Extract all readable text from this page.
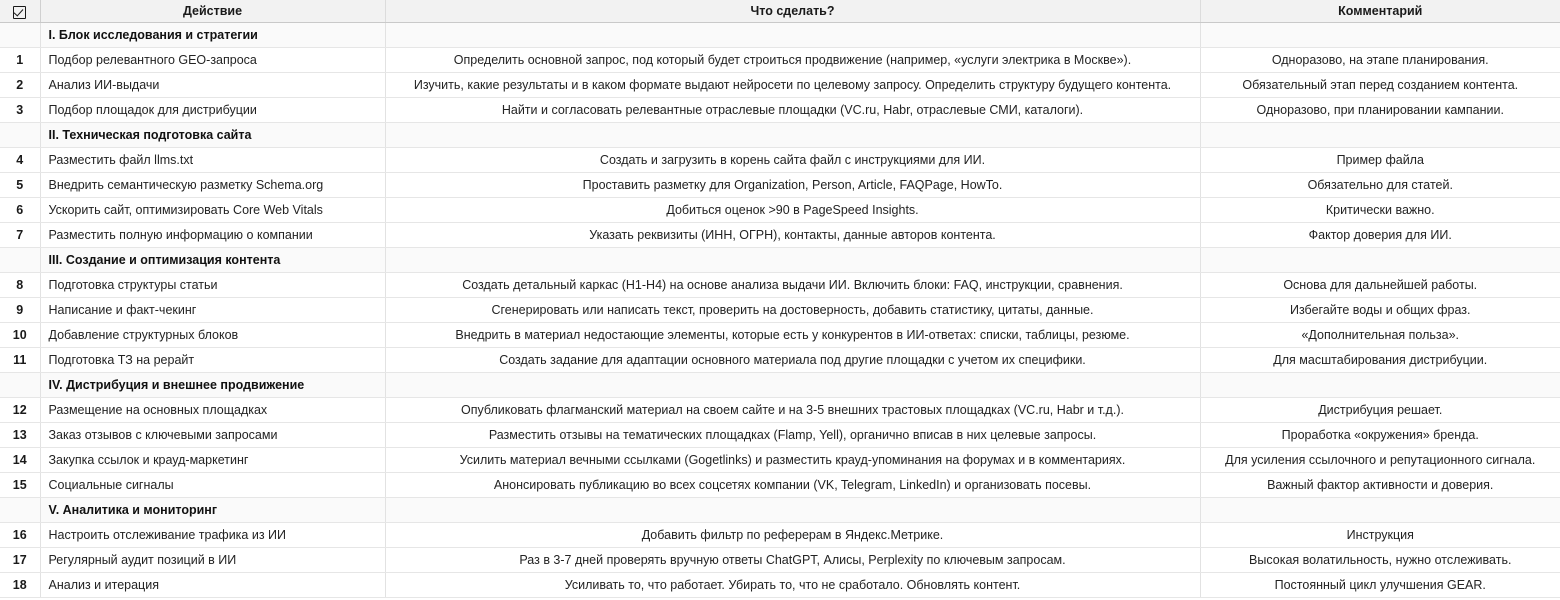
	Действие	Что сделать?	Комментарий
	I. Блок исследования и стратегии		
1	Подбор релевантного GEO-запроса	Определить основной запрос, под который будет строиться продвижение (например, «услуги электрика в Москве»).	Одноразово, на этапе планирования.
2	Анализ ИИ-выдачи	Изучить, какие результаты и в каком формате выдают нейросети по целевому запросу. Определить структуру будущего контента.	Обязательный этап перед созданием контента.
3	Подбор площадок для дистрибуции	Найти и согласовать релевантные отраслевые площадки (VC.ru, Habr, отраслевые СМИ, каталоги).	Одноразово, при планировании кампании.
	II. Техническая подготовка сайта		
4	Разместить файл llms.txt	Создать и загрузить в корень сайта файл с инструкциями для ИИ.	Пример файла
5	Внедрить семантическую разметку Schema.org	Проставить разметку для Organization, Person, Article, FAQPage, HowTo.	Обязательно для статей.
6	Ускорить сайт, оптимизировать Core Web Vitals	Добиться оценок >90 в PageSpeed Insights.	Критически важно.
7	Разместить полную информацию о компании	Указать реквизиты (ИНН, ОГРН), контакты, данные авторов контента.	Фактор доверия для ИИ.
	III. Создание и оптимизация контента		
8	Подготовка структуры статьи	Создать детальный каркас (H1-H4) на основе анализа выдачи ИИ. Включить блоки: FAQ, инструкции, сравнения.	Основа для дальнейшей работы.
9	Написание и факт-чекинг	Сгенерировать или написать текст, проверить на достоверность, добавить статистику, цитаты, данные.	Избегайте воды и общих фраз.
10	Добавление структурных блоков	Внедрить в материал недостающие элементы, которые есть у конкурентов в ИИ-ответах: списки, таблицы, резюме.	«Дополнительная польза».
11	Подготовка ТЗ на рерайт	Создать задание для адаптации основного материала под другие площадки с учетом их специфики.	Для масштабирования дистрибуции.
	IV. Дистрибуция и внешнее продвижение		
12	Размещение на основных площадках	Опубликовать флагманский материал на своем сайте и на 3-5 внешних трастовых площадках (VC.ru, Habr и т.д.).	Дистрибуция решает.
13	Заказ отзывов с ключевыми запросами	Разместить отзывы на тематических площадках (Flamp, Yell), органично вписав в них целевые запросы.	Проработка «окружения» бренда.
14	Закупка ссылок и крауд-маркетинг	Усилить материал вечными ссылками (Gogetlinks) и разместить крауд-упоминания на форумах и в комментариях.	Для усиления ссылочного и репутационного сигнала.
15	Социальные сигналы	Анонсировать публикацию во всех соцсетях компании (VK, Telegram, LinkedIn) и организовать посевы.	Важный фактор активности и доверия.
	V. Аналитика и мониторинг		
16	Настроить отслеживание трафика из ИИ	Добавить фильтр по реферерам в Яндекс.Метрике.	Инструкция
17	Регулярный аудит позиций в ИИ	Раз в 3-7 дней проверять вручную ответы ChatGPT, Алисы, Perplexity по ключевым запросам.	Высокая волатильность, нужно отслеживать.
18	Анализ и итерация	Усиливать то, что работает. Убирать то, что не сработало. Обновлять контент.	Постоянный цикл улучшения GEAR.
